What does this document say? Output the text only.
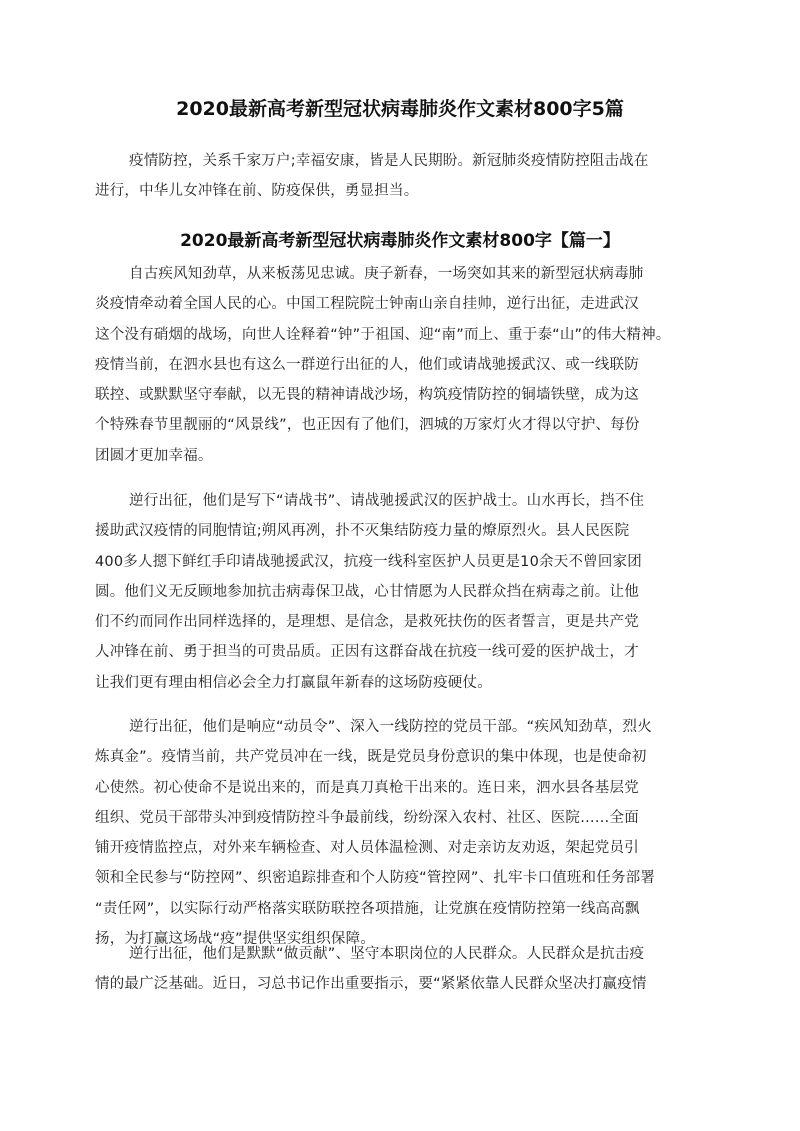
2020最新高考新型冠状病毒肺炎作文素材800字5篇
疫情防控，关系千家万户;幸福安康，皆是人民期盼。新冠肺炎疫情防控阻击战在
进行，中华儿女冲锋在前、防疫保供，勇显担当。
2020最新高考新型冠状病毒肺炎作文素材800字【篇一】
自古疾风知劲草，从来板荡见忠诚。庚子新春，一场突如其来的新型冠状病毒肺
炎疫情牵动着全国人民的心。中国工程院院士钟南山亲自挂帅，逆行出征，走进武汉
这个没有硝烟的战场，向世人诠释着“钟”于祖国、迎“南”而上、重于泰“山”的伟大精神。
疫情当前，在泗水县也有这么一群逆行出征的人，他们或请战驰援武汉、或一线联防
联控、或默默坚守奉献，以无畏的精神请战沙场，构筑疫情防控的铜墙铁壁，成为这
个特殊春节里靓丽的“风景线”，也正因有了他们，泗城的万家灯火才得以守护、每份
团圆才更加幸福。
逆行出征，他们是写下“请战书”、请战驰援武汉的医护战士。山水再长，挡不住
援助武汉疫情的同胞情谊;朔风再冽，扑不灭集结防疫力量的燎原烈火。县人民医院
400多人摁下鲜红手印请战驰援武汉，抗疫一线科室医护人员更是10余天不曾回家团
圆。他们义无反顾地参加抗击病毒保卫战，心甘情愿为人民群众挡在病毒之前。让他
们不约而同作出同样选择的，是理想、是信念，是救死扶伤的医者誓言，更是共产党
人冲锋在前、勇于担当的可贵品质。正因有这群奋战在抗疫一线可爱的医护战士，才
让我们更有理由相信必会全力打赢鼠年新春的这场防疫硬仗。
逆行出征，他们是响应“动员令”、深入一线防控的党员干部。“疾风知劲草，烈火
炼真金”。疫情当前，共产党员冲在一线，既是党员身份意识的集中体现，也是使命初
心使然。初心使命不是说出来的，而是真刀真枪干出来的。连日来，泗水县各基层党
组织、党员干部带头冲到疫情防控斗争最前线，纷纷深入农村、社区、医院……全面
铺开疫情监控点，对外来车辆检查、对人员体温检测、对走亲访友劝返，架起党员引
领和全民参与“防控网”、织密追踪排查和个人防疫“管控网”、扎牢卡口值班和任务部署
“责任网”，以实际行动严格落实联防联控各项措施，让党旗在疫情防控第一线高高飘
扬，为打赢这场战“疫”提供坚实组织保障。
逆行出征，他们是默默“做贡献”、坚守本职岗位的人民群众。人民群众是抗击疫
情的最广泛基础。近日，习总书记作出重要指示，要“紧紧依靠人民群众坚决打赢疫情
